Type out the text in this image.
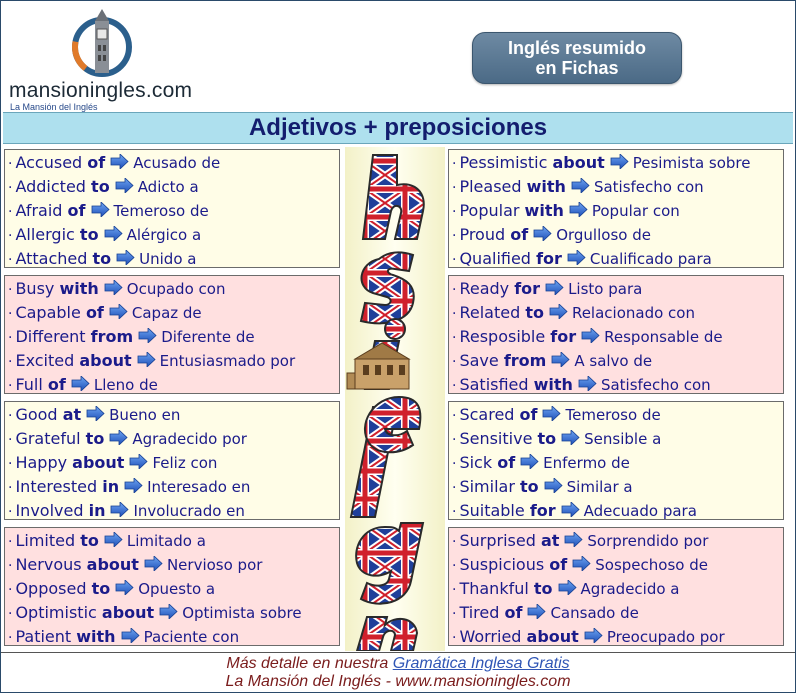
mansioningles.com
La Mansión del Inglés
Inglés resumido
en Fichas
Adjetivos + preposiciones
· Accused of Acusado de
· Addicted to Adicto a
· Afraid of Temeroso de
· Allergic to Alérgico a
· Attached to Unido a
· Pessimistic about Pesimista sobre
· Pleased with Satisfecho con
· Popular with Popular con
· Proud of Orgulloso de
· Qualified for Cualificado para
· Busy with Ocupado con
· Capable of Capaz de
· Different from Diferente de
· Excited about Entusiasmado por
· Full of Lleno de
· Ready for Listo para
· Related to Relacionado con
· Resposible for Responsable de
· Save from A salvo de
· Satisfied with Satisfecho con
· Good at Bueno en
· Grateful to Agradecido por
· Happy about Feliz con
· Interested in Interesado en
· Involved in Involucrado en
· Scared of Temeroso de
· Sensitive to Sensible a
· Sick of Enfermo de
· Similar to Similar a
· Suitable for Adecuado para
· Limited to Limitado a
· Nervous about Nervioso por
· Opposed to Opuesto a
· Optimistic about Optimista sobre
· Patient with Paciente con
· Surprised at Sorprendido por
· Suspicious of Sospechoso de
· Thankful to Agradecido a
· Tired of Cansado de
· Worried about Preocupado por
Más detalle en nuestra Gramática Inglesa Gratis
La Mansión del Inglés - www.mansioningles.com
